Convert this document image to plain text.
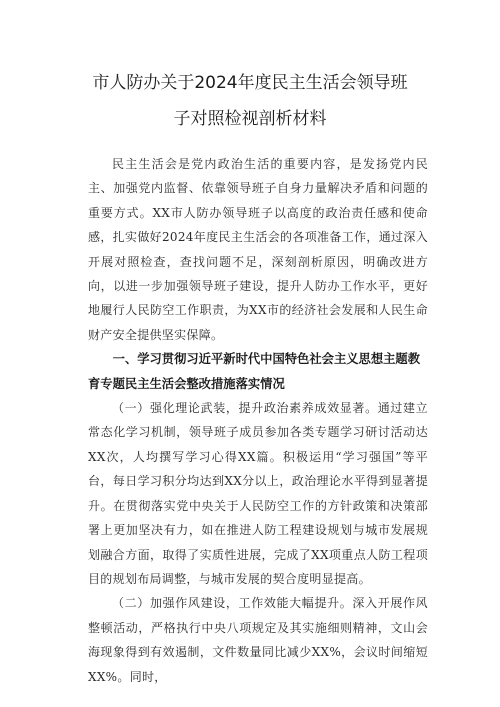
市人防办关于2024年度民主生活会领导班
子对照检视剖析材料

民主生活会是党内政治生活的重要内容，是发扬党内民主、加强党内监督、依靠领导班子自身力量解决矛盾和问题的重要方式。XX市人防办领导班子以高度的政治责任感和使命感，扎实做好2024年度民主生活会的各项准备工作，通过深入开展对照检查，查找问题不足，深刻剖析原因，明确改进方向，以进一步加强领导班子建设，提升人防办工作水平，更好地履行人民防空工作职责，为XX市的经济社会发展和人民生命财产安全提供坚实保障。

一、学习贯彻习近平新时代中国特色社会主义思想主题教育专题民主生活会整改措施落实情况

（一）强化理论武装，提升政治素养成效显著。通过建立常态化学习机制，领导班子成员参加各类专题学习研讨活动达XX次，人均撰写学习心得XX篇。积极运用“学习强国”等平台，每日学习积分均达到XX分以上，政治理论水平得到显著提升。在贯彻落实党中央关于人民防空工作的方针政策和决策部署上更加坚决有力，如在推进人防工程建设规划与城市发展规划融合方面，取得了实质性进展，完成了XX项重点人防工程项目的规划布局调整，与城市发展的契合度明显提高。

（二）加强作风建设，工作效能大幅提升。深入开展作风整顿活动，严格执行中央八项规定及其实施细则精神，文山会海现象得到有效遏制，文件数量同比减少XX%，会议时间缩短XX%。同时，
